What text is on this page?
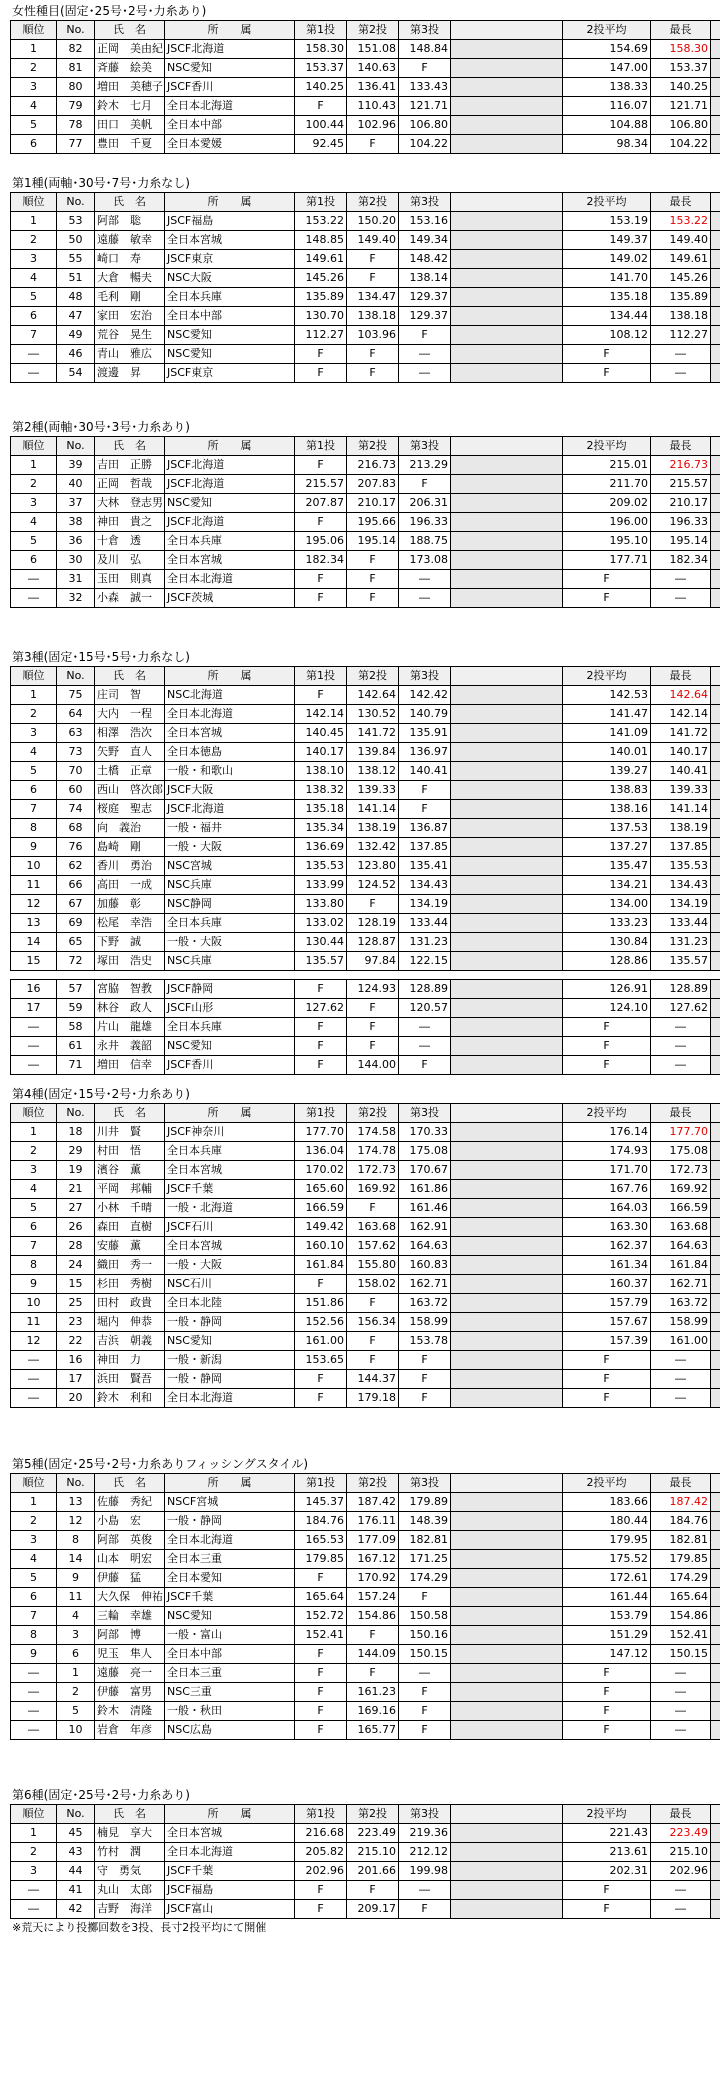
女性種目(固定･25号･2号･力糸あり)
順位	No.	氏　名	所　　属	第1投	第2投	第3投		2投平均	最長	
1	82	正岡　美由紀	JSCF北海道	158.30	151.08	148.84		154.69	158.30	
2	81	斉藤　絵美	NSC愛知	153.37	140.63	F		147.00	153.37	
3	80	増田　美穂子	JSCF香川	140.25	136.41	133.43		138.33	140.25	
4	79	鈴木　七月	全日本北海道	F	110.43	121.71		116.07	121.71	
5	78	田口　美帆	全日本中部	100.44	102.96	106.80		104.88	106.80	
6	77	豊田　千夏	全日本愛媛	92.45	F	104.22		98.34	104.22	
第1種(両軸･30号･7号･力糸なし)
順位	No.	氏　名	所　　属	第1投	第2投	第3投		2投平均	最長	
1	53	阿部　聡	JSCF福島	153.22	150.20	153.16		153.19	153.22	
2	50	遠藤　敏幸	全日本宮城	148.85	149.40	149.34		149.37	149.40	
3	55	崎口　寿	JSCF東京	149.61	F	148.42		149.02	149.61	
4	51	大倉　暢夫	NSC大阪	145.26	F	138.14		141.70	145.26	
5	48	毛利　剛	全日本兵庫	135.89	134.47	129.37		135.18	135.89	
6	47	家田　宏治	全日本中部	130.70	138.18	129.37		134.44	138.18	
7	49	荒谷　晃生	NSC愛知	112.27	103.96	F		108.12	112.27	
―	46	青山　雅広	NSC愛知	F	F	―		F	―	
―	54	渡邊　昇	JSCF東京	F	F	―		F	―	
第2種(両軸･30号･3号･力糸あり)
順位	No.	氏　名	所　　属	第1投	第2投	第3投		2投平均	最長	
1	39	吉田　正勝	JSCF北海道	F	216.73	213.29		215.01	216.73	
2	40	正岡　哲哉	JSCF北海道	215.57	207.83	F		211.70	215.57	
3	37	大林　登志男	NSC愛知	207.87	210.17	206.31		209.02	210.17	
4	38	神田　貴之	JSCF北海道	F	195.66	196.33		196.00	196.33	
5	36	十倉　透	全日本兵庫	195.06	195.14	188.75		195.10	195.14	
6	30	及川　弘	全日本宮城	182.34	F	173.08		177.71	182.34	
―	31	玉田　則真	全日本北海道	F	F	―		F	―	
―	32	小森　誠一	JSCF茨城	F	F	―		F	―	
第3種(固定･15号･5号･力糸なし)
順位	No.	氏　名	所　　属	第1投	第2投	第3投		2投平均	最長	
1	75	庄司　智	NSC北海道	F	142.64	142.42		142.53	142.64	
2	64	大内　一程	全日本北海道	142.14	130.52	140.79		141.47	142.14	
3	63	相澤　浩次	全日本宮城	140.45	141.72	135.91		141.09	141.72	
4	73	矢野　直人	全日本徳島	140.17	139.84	136.97		140.01	140.17	
5	70	土橋　正章	一般・和歌山	138.10	138.12	140.41		139.27	140.41	
6	60	西山　啓次郎	JSCF大阪	138.32	139.33	F		138.83	139.33	
7	74	桜庭　聖志	JSCF北海道	135.18	141.14	F		138.16	141.14	
8	68	向　義治	一般・福井	135.34	138.19	136.87		137.53	138.19	
9	76	島崎　剛	一般・大阪	136.69	132.42	137.85		137.27	137.85	
10	62	香川　勇治	NSC宮城	135.53	123.80	135.41		135.47	135.53	
11	66	高田　一成	NSC兵庫	133.99	124.52	134.43		134.21	134.43	
12	67	加藤　彰	NSC静岡	133.80	F	134.19		134.00	134.19	
13	69	松尾　幸浩	全日本兵庫	133.02	128.19	133.44		133.23	133.44	
14	65	下野　誠	一般・大阪	130.44	128.87	131.23		130.84	131.23	
15	72	塚田　浩史	NSC兵庫	135.57	97.84	122.15		128.86	135.57	

16	57	宮脇　智教	JSCF静岡	F	124.93	128.89		126.91	128.89	
17	59	林谷　政人	JSCF山形	127.62	F	120.57		124.10	127.62	
―	58	片山　龍雄	全日本兵庫	F	F	―		F	―	
―	61	永井　義韶	NSC愛知	F	F	―		F	―	
―	71	増田　信幸	JSCF香川	F	144.00	F		F	―	
第4種(固定･15号･2号･力糸あり)
順位	No.	氏　名	所　　属	第1投	第2投	第3投		2投平均	最長	
1	18	川井　賢	JSCF神奈川	177.70	174.58	170.33		176.14	177.70	
2	29	村田　悟	全日本兵庫	136.04	174.78	175.08		174.93	175.08	
3	19	濱谷　薫	全日本宮城	170.02	172.73	170.67		171.70	172.73	
4	21	平岡　邦輔	JSCF千葉	165.60	169.92	161.86		167.76	169.92	
5	27	小林　千晴	一般・北海道	166.59	F	161.46		164.03	166.59	
6	26	森田　直樹	JSCF石川	149.42	163.68	162.91		163.30	163.68	
7	28	安藤　薫	全日本宮城	160.10	157.62	164.63		162.37	164.63	
8	24	織田　秀一	一般・大阪	161.84	155.80	160.83		161.34	161.84	
9	15	杉田　秀樹	NSC石川	F	158.02	162.71		160.37	162.71	
10	25	田村　政貴	全日本北陸	151.86	F	163.72		157.79	163.72	
11	23	堀内　伸恭	一般・静岡	152.56	156.34	158.99		157.67	158.99	
12	22	吉浜　朝義	NSC愛知	161.00	F	153.78		157.39	161.00	
―	16	神田　力	一般・新潟	153.65	F	F		F	―	
―	17	浜田　賢吾	一般・静岡	F	144.37	F		F	―	
―	20	鈴木　利和	全日本北海道	F	179.18	F		F	―	
第5種(固定･25号･2号･力糸ありフィッシングスタイル)
順位	No.	氏　名	所　　属	第1投	第2投	第3投		2投平均	最長	
1	13	佐藤　秀紀	NSCF宮城	145.37	187.42	179.89		183.66	187.42	
2	12	小島　宏	一般・静岡	184.76	176.11	148.39		180.44	184.76	
3	8	阿部　英俊	全日本北海道	165.53	177.09	182.81		179.95	182.81	
4	14	山本　明宏	全日本三重	179.85	167.12	171.25		175.52	179.85	
5	9	伊藤　猛	全日本愛知	F	170.92	174.29		172.61	174.29	
6	11	大久保　伸祐	JSCF千葉	165.64	157.24	F		161.44	165.64	
7	4	三輪　幸雄	NSC愛知	152.72	154.86	150.58		153.79	154.86	
8	3	阿部　博	一般・富山	152.41	F	150.16		151.29	152.41	
9	6	児玉　隼人	全日本中部	F	144.09	150.15		147.12	150.15	
―	1	遠藤　亮一	全日本三重	F	F	―		F	―	
―	2	伊藤　富男	NSC三重	F	161.23	F		F	―	
―	5	鈴木　清隆	一般・秋田	F	169.16	F		F	―	
―	10	岩倉　年彦	NSC広島	F	165.77	F		F	―	
第6種(固定･25号･2号･力糸あり)
順位	No.	氏　名	所　　属	第1投	第2投	第3投		2投平均	最長	
1	45	楠見　享大	全日本宮城	216.68	223.49	219.36		221.43	223.49	
2	43	竹村　潤	全日本北海道	205.82	215.10	212.12		213.61	215.10	
3	44	守　勇気	JSCF千葉	202.96	201.66	199.98		202.31	202.96	
―	41	丸山　太郎	JSCF福島	F	F	―		F	―	
―	42	吉野　海洋	JSCF富山	F	209.17	F		F	―	
※荒天により投擲回数を3投、長寸2投平均にて開催
